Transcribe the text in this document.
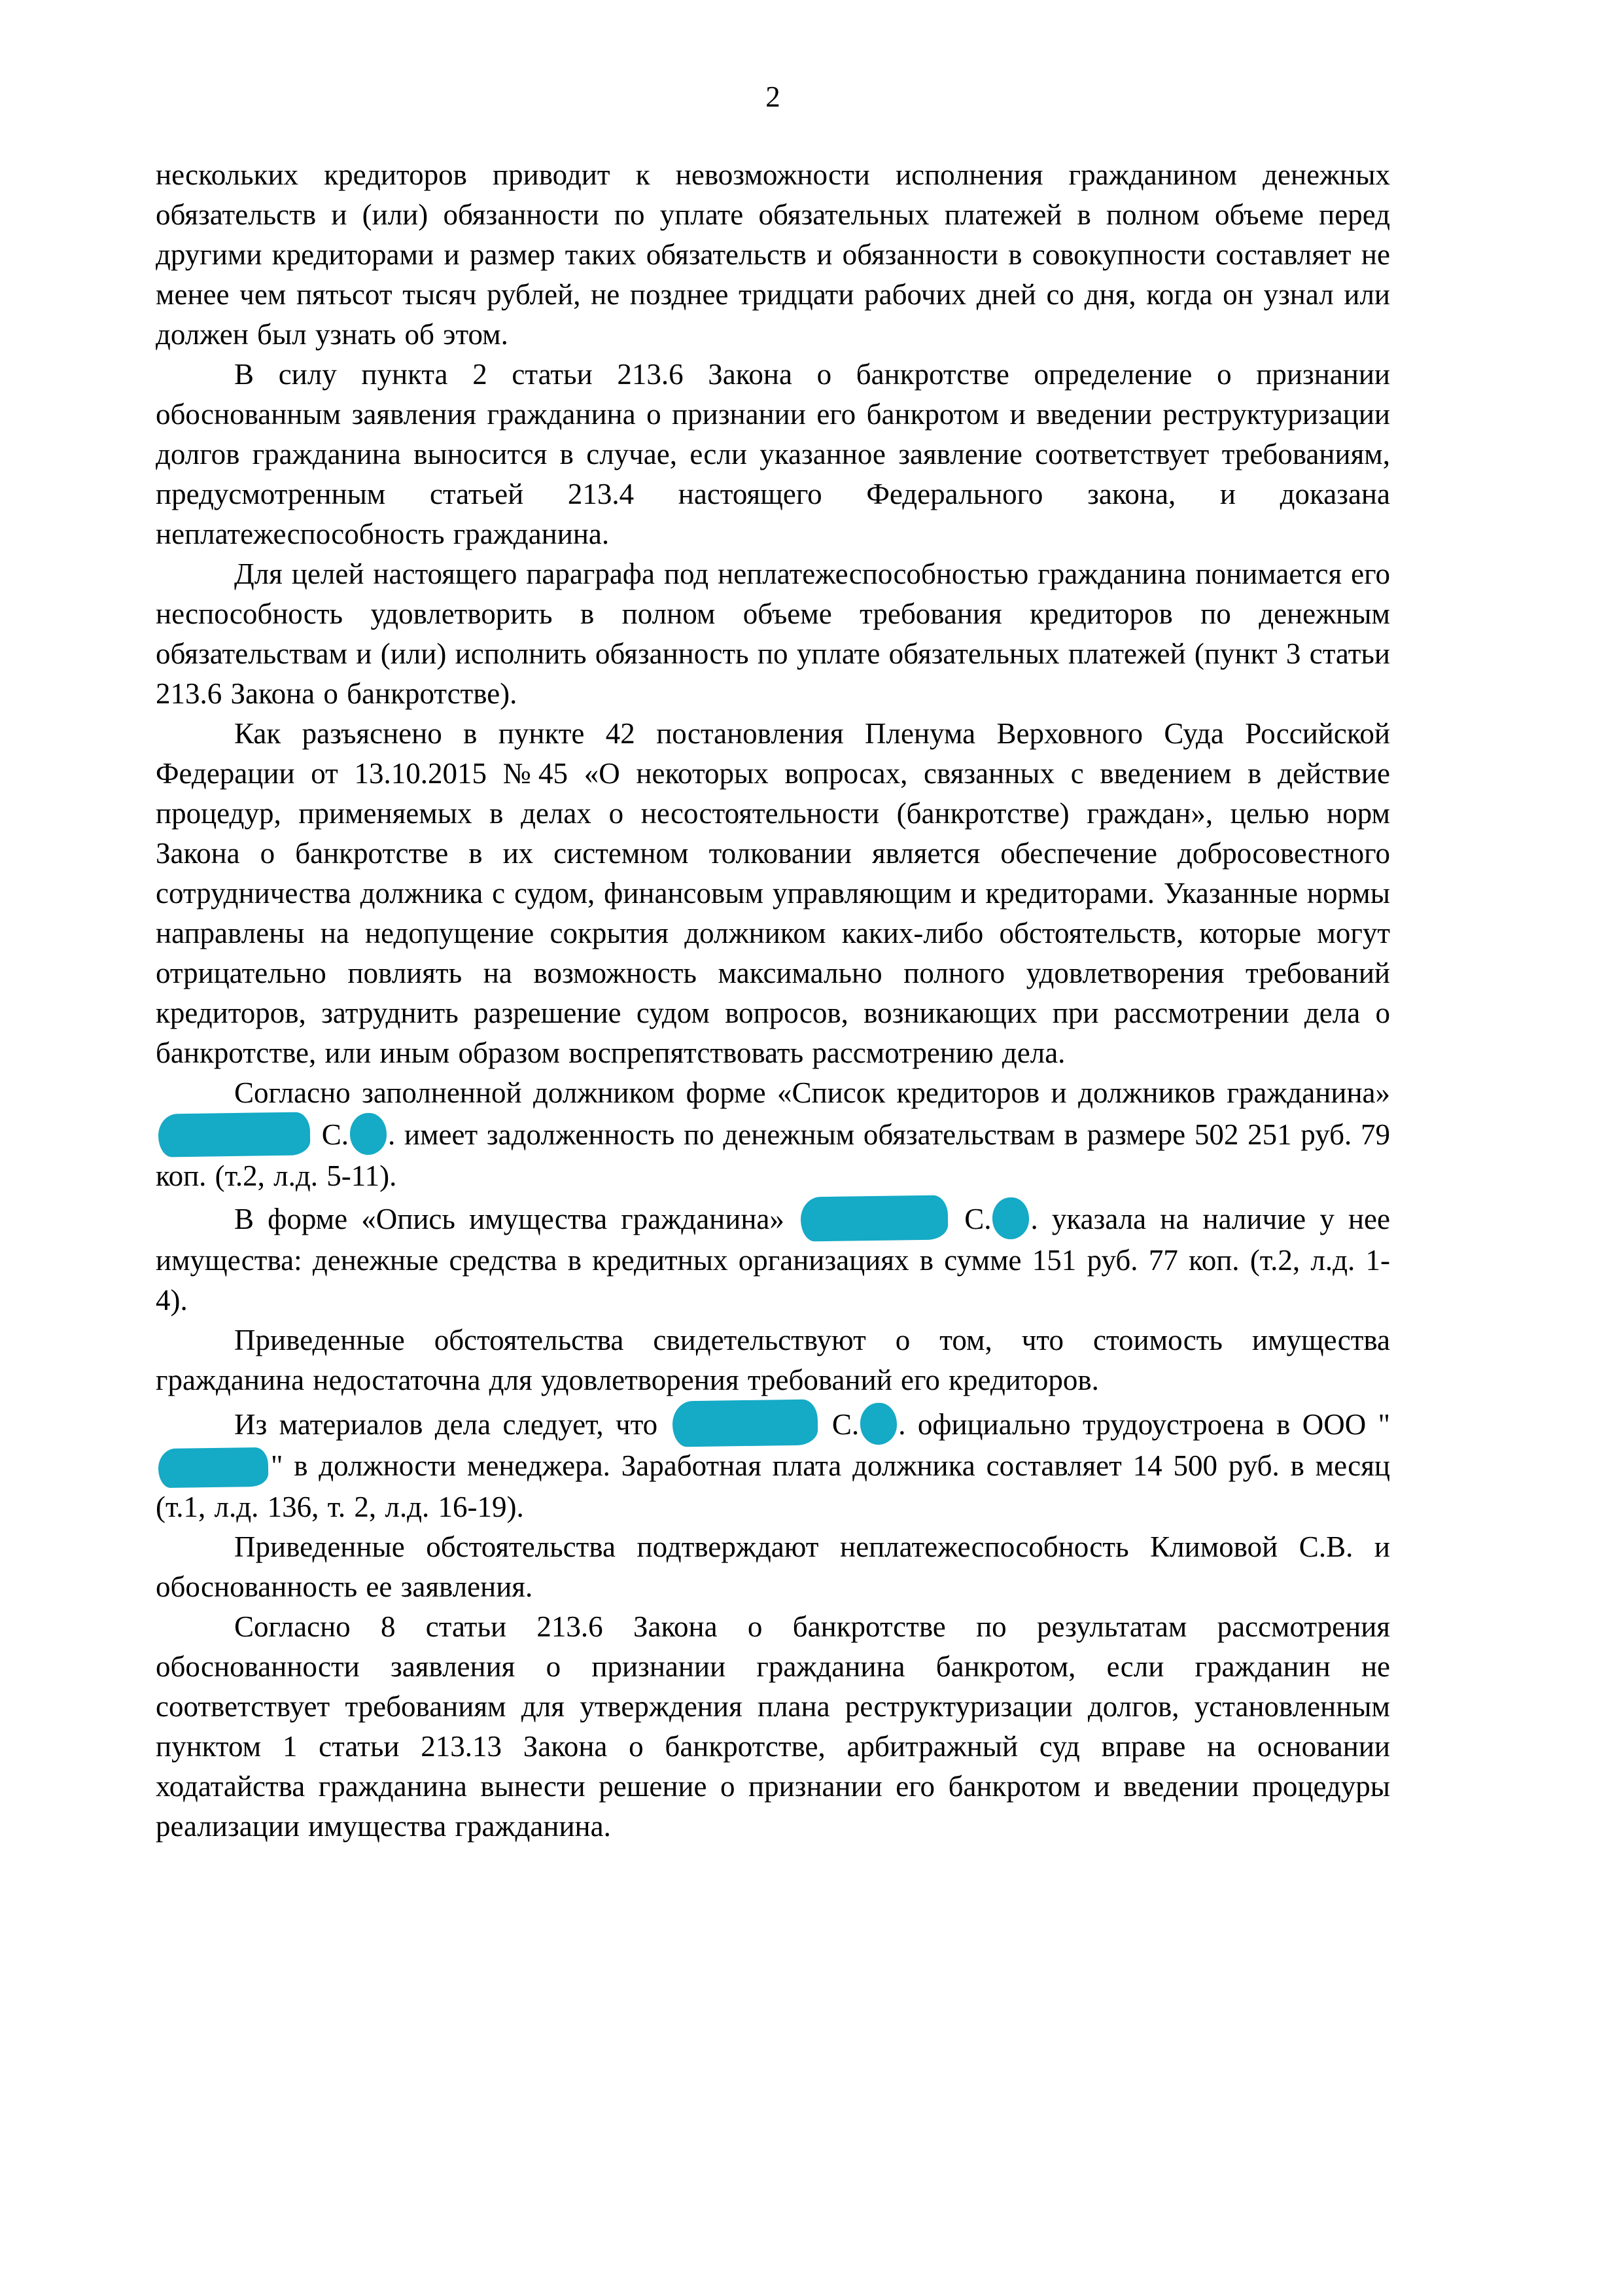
2

нескольких кредиторов приводит к невозможности исполнения гражданином денежных обязательств и (или) обязанности по уплате обязательных платежей в полном объеме перед другими кредиторами и размер таких обязательств и обязанности в совокупности составляет не менее чем пятьсот тысяч рублей, не позднее тридцати рабочих дней со дня, когда он узнал или должен был узнать об этом.

В силу пункта 2 статьи 213.6 Закона о банкротстве определение о признании обоснованным заявления гражданина о признании его банкротом и введении реструктуризации долгов гражданина выносится в случае, если указанное заявление соответствует требованиям, предусмотренным статьей 213.4 настоящего Федерального закона, и доказана неплатежеспособность гражданина.

Для целей настоящего параграфа под неплатежеспособностью гражданина понимается его неспособность удовлетворить в полном объеме требования кредиторов по денежным обязательствам и (или) исполнить обязанность по уплате обязательных платежей (пункт 3 статьи 213.6 Закона о банкротстве).

Как разъяснено в пункте 42 постановления Пленума Верховного Суда Российской Федерации от 13.10.2015 №45 «О некоторых вопросах, связанных с введением в действие процедур, применяемых в делах о несостоятельности (банкротстве) граждан», целью норм Закона о банкротстве в их системном толковании является обеспечение добросовестного сотрудничества должника с судом, финансовым управляющим и кредиторами. Указанные нормы направлены на недопущение сокрытия должником каких-либо обстоятельств, которые могут отрицательно повлиять на возможность максимально полного удовлетворения требований кредиторов, затруднить разрешение судом вопросов, возникающих при рассмотрении дела о банкротстве, или иным образом воспрепятствовать рассмотрению дела.

Согласно заполненной должником форме «Список кредиторов и должников гражданина»  С. . имеет задолженность по денежным обязательствам в размере 502 251 руб. 79 коп. (т.2, л.д. 5-11).

В форме «Опись имущества гражданина»	С. . указала на наличие у нее имущества: денежные средства в кредитных организациях в сумме 151 руб. 77 коп. (т.2, л.д. 1-4).

Приведенные обстоятельства свидетельствуют о том, что стоимость имущества гражданина недостаточна для удовлетворения требований его кредиторов.

Из материалов дела следует, что	С. . официально трудоустроена в ООО "" в должности менеджера. Заработная плата должника составляет 14 500 руб. в месяц (т.1, л.д. 136, т. 2, л.д. 16-19).

Приведенные обстоятельства подтверждают неплатежеспособность Климовой С.В. и обоснованность ее заявления.

Согласно 8 статьи 213.6 Закона о банкротстве по результатам рассмотрения обоснованности заявления о признании гражданина банкротом, если гражданин не соответствует требованиям для утверждения плана реструктуризации долгов, установленным пунктом 1 статьи 213.13 Закона о банкротстве, арбитражный суд вправе на основании ходатайства гражданина вынести решение о признании его банкротом и введении процедуры реализации имущества гражданина.
